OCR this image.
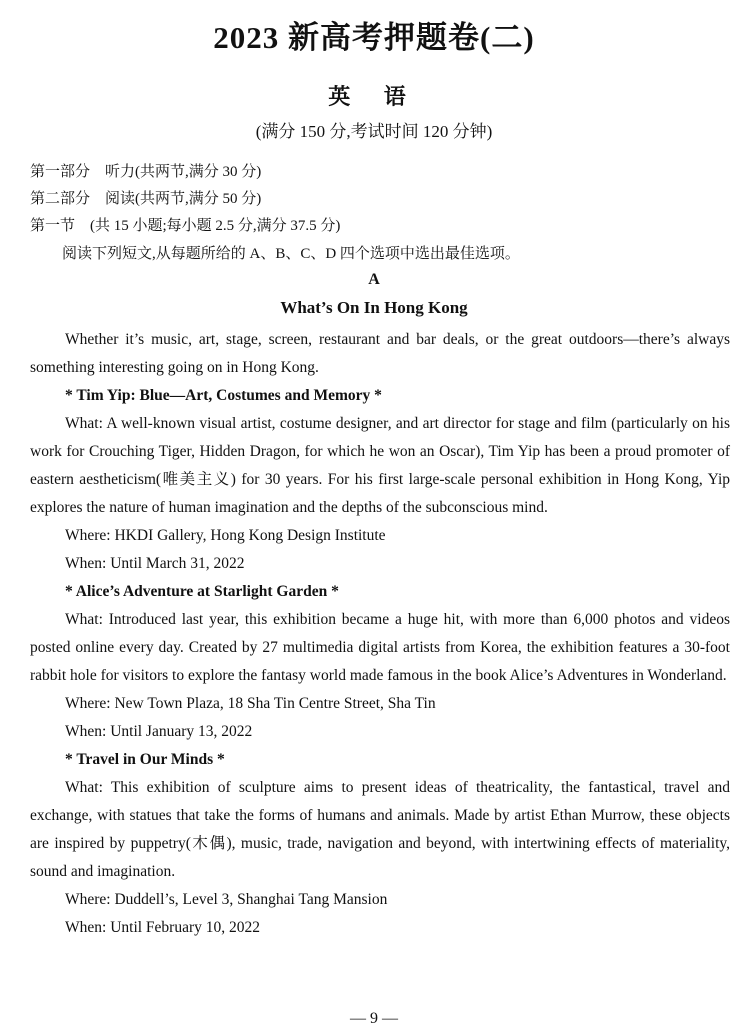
2023 新高考押题卷(二)
英 语
(满分 150 分,考试时间 120 分钟)
第一部分　听力(共两节,满分 30 分)
第二部分　阅读(共两节,满分 50 分)
第一节　(共 15 小题;每小题 2.5 分,满分 37.5 分)
阅读下列短文,从每题所给的 A、B、C、D 四个选项中选出最佳选项。
A
What’s On In Hong Kong

Whether it’s music, art, stage, screen, restaurant and bar deals, or the great outdoors—there’s always something interesting going on in Hong Kong.

* Tim Yip: Blue—Art, Costumes and Memory *

What: A well-known visual artist, costume designer, and art director for stage and film (particularly on his work for Crouching Tiger, Hidden Dragon, for which he won an Oscar), Tim Yip has been a proud promoter of eastern aestheticism(唯美主义) for 30 years. For his first large-scale personal exhibition in Hong Kong, Yip explores the nature of human imagination and the depths of the subconscious mind.

Where: HKDI Gallery, Hong Kong Design Institute
When: Until March 31, 2022
* Alice’s Adventure at Starlight Garden *

What: Introduced last year, this exhibition became a huge hit, with more than 6,000 photos and videos posted online every day. Created by 27 multimedia digital artists from Korea, the exhibition features a 30-foot rabbit hole for visitors to explore the fantasy world made famous in the book Alice’s Adventures in Wonderland.

Where: New Town Plaza, 18 Sha Tin Centre Street, Sha Tin
When: Until January 13, 2022
* Travel in Our Minds *

What: This exhibition of sculpture aims to present ideas of theatricality, the fantastical, travel and exchange, with statues that take the forms of humans and animals. Made by artist Ethan Murrow, these objects are inspired by puppetry(木偶), music, trade, navigation and beyond, with intertwining effects of materiality, sound and imagination.

Where: Duddell’s, Level 3, Shanghai Tang Mansion
When: Until February 10, 2022
— 9 —
